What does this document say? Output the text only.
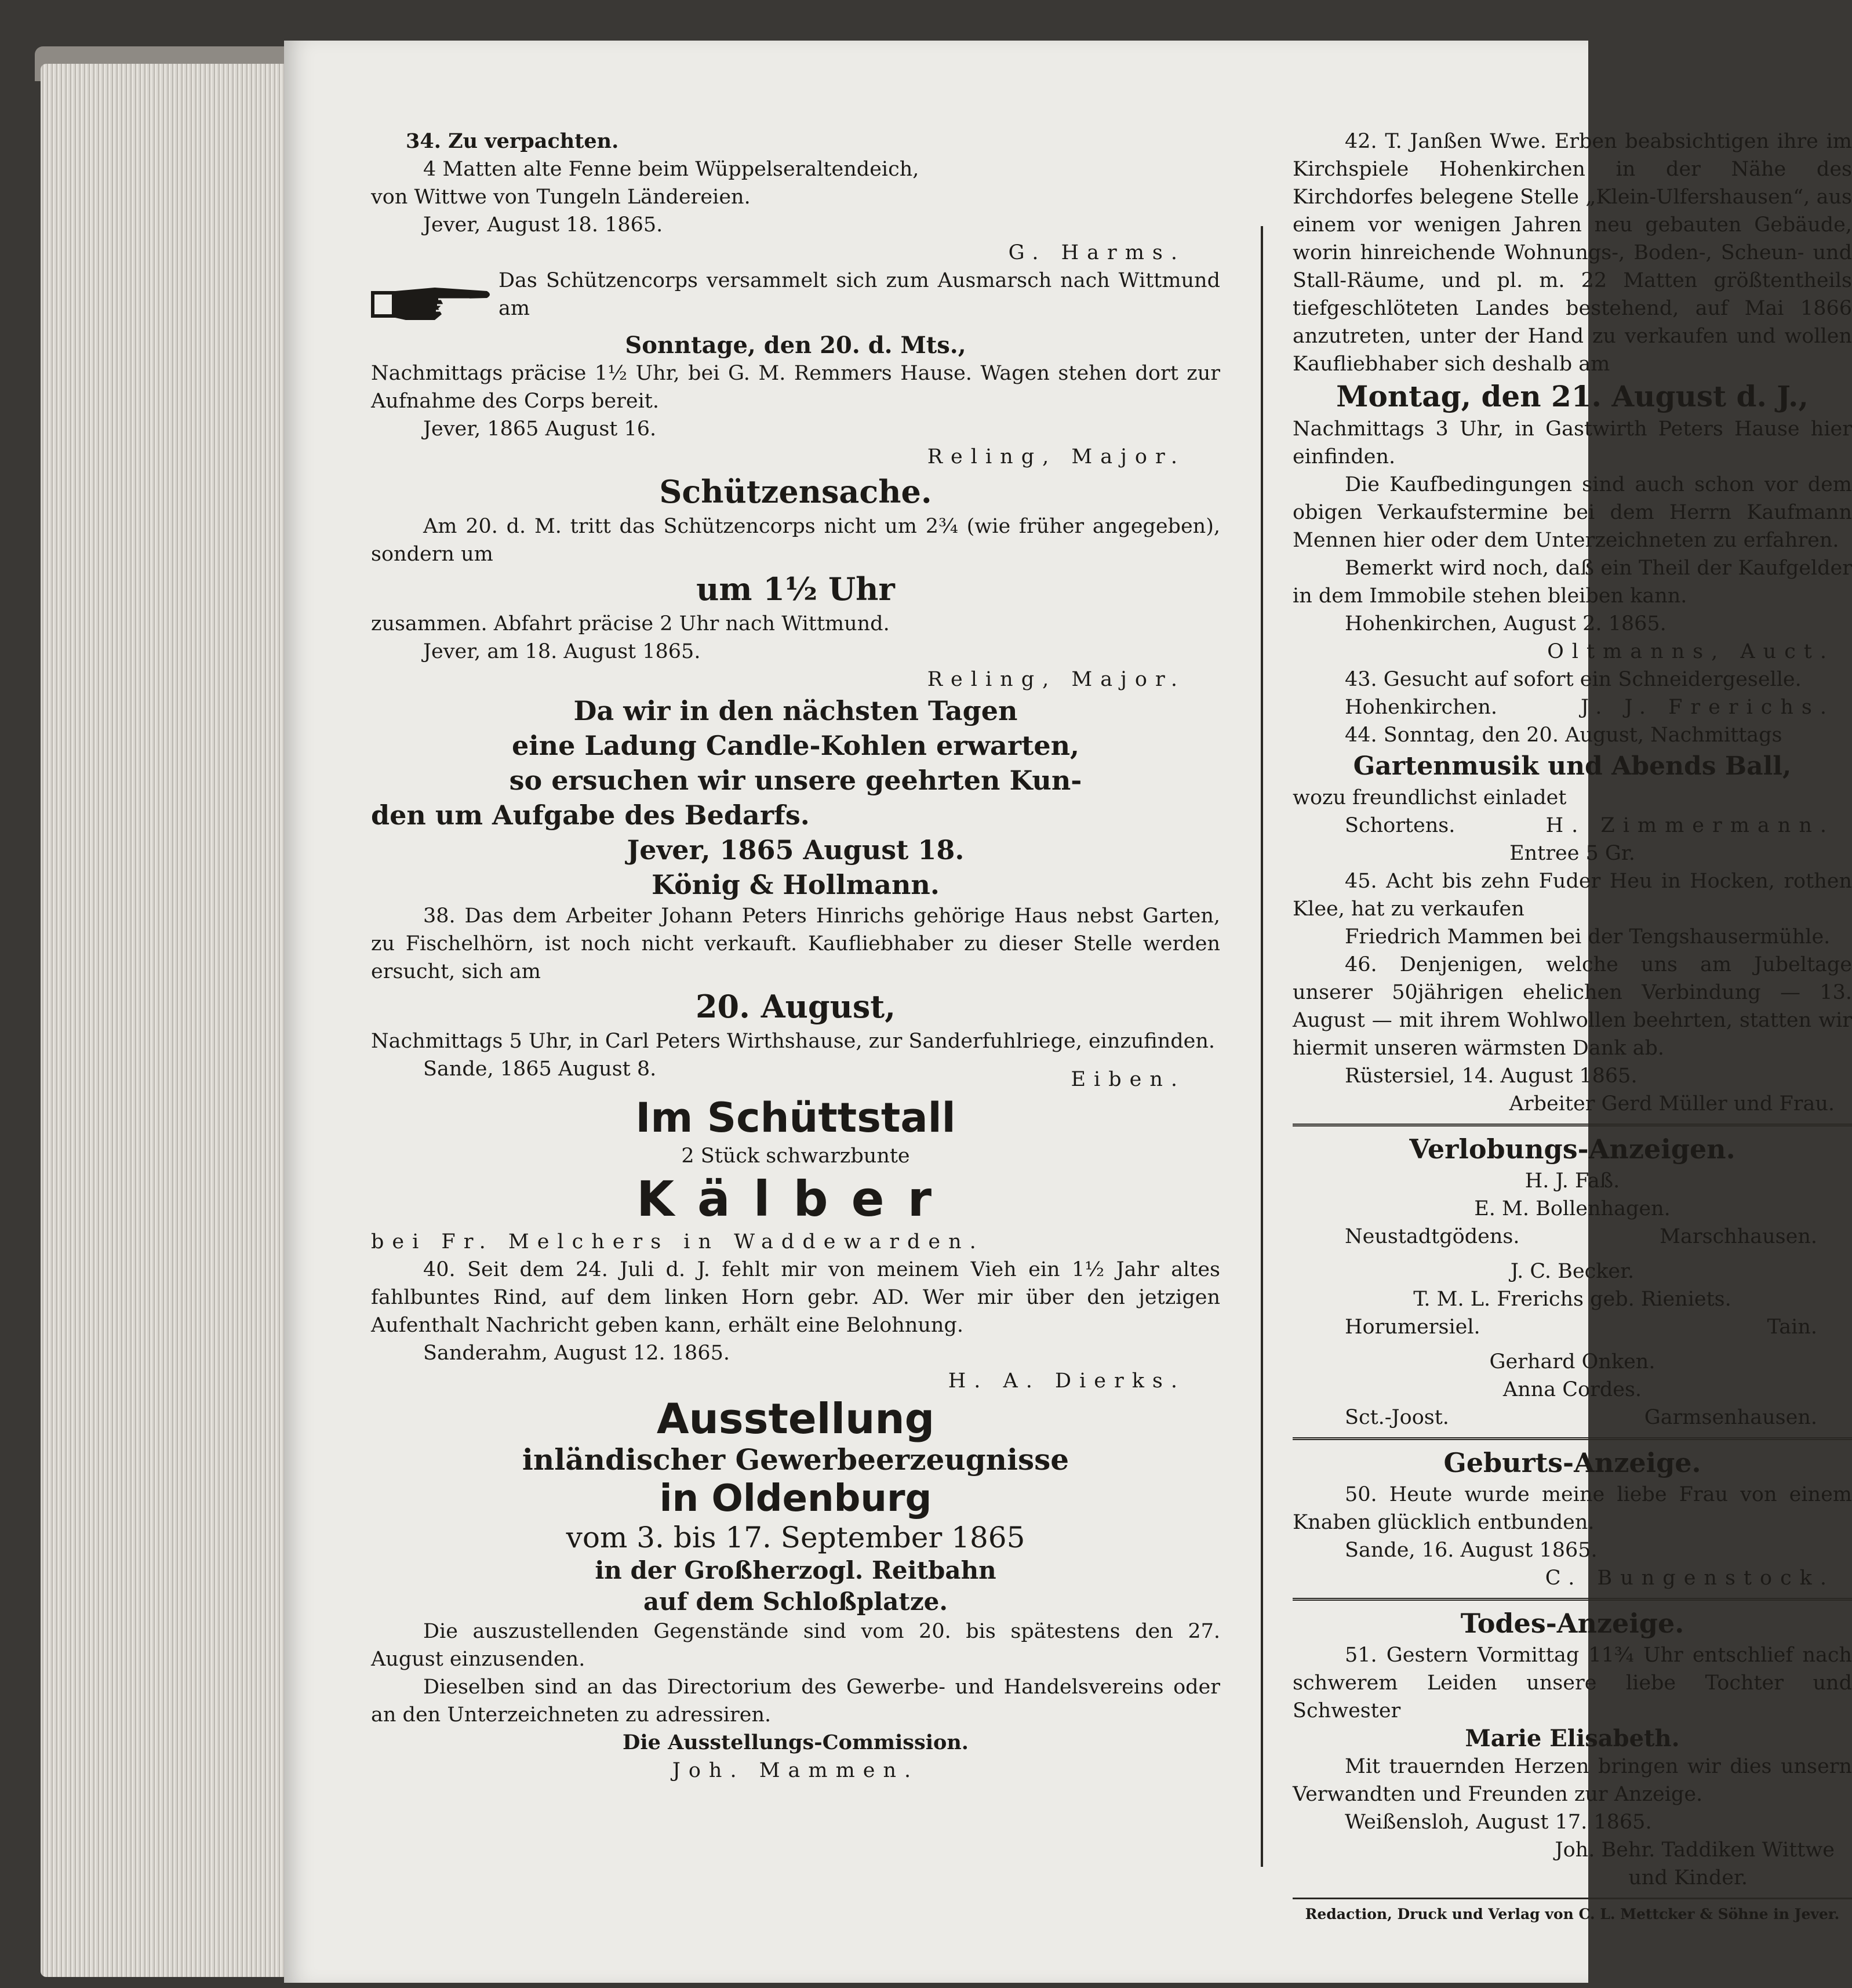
34. Zu verpachten.

4 Matten alte Fenne beim Wüppelseraltendeich,

von Wittwe von Tungeln Ländereien.

Jever, August 18. 1865.

G. Harms.

Das Schützencorps versammelt sich zum Ausmarsch nach Wittmund am

Sonntage, den 20. d. Mts.,

Nachmittags präcise 1½ Uhr, bei G. M. Remmers Hause. Wagen stehen dort zur Aufnahme des Corps bereit.

Jever, 1865 August 16.

Reling, Major.

Schützensache.

Am 20. d. M. tritt das Schützencorps nicht um 2¾ (wie früher angegeben), sondern um

um 1½ Uhr

zusammen. Abfahrt präcise 2 Uhr nach Wittmund.

Jever, am 18. August 1865.

Reling, Major.

Da wir in den nächsten Tagen

eine Ladung Candle-Kohlen erwarten,

so ersuchen wir unsere geehrten Kun-

den um Aufgabe des Bedarfs.

Jever, 1865 August 18.

König & Hollmann.

38. Das dem Arbeiter Johann Peters Hinrichs gehörige Haus nebst Garten, zu Fischelhörn, ist noch nicht verkauft. Kaufliebhaber zu dieser Stelle werden ersucht, sich am

20. August,

Nachmittags 5 Uhr, in Carl Peters Wirthshause, zur Sanderfuhlriege, einzufinden.

Sande, 1865 August 8.	Eiben.

Im Schüttstall

2 Stück schwarzbunte

Kälber

bei Fr. Melchers in Waddewarden.

40. Seit dem 24. Juli d. J. fehlt mir von meinem Vieh ein 1½ Jahr altes fahlbuntes Rind, auf dem linken Horn gebr. AD. Wer mir über den jetzigen Aufenthalt Nachricht geben kann, erhält eine Belohnung.

Sanderahm, August 12. 1865.

H. A. Dierks.

Ausstellung

inländischer Gewerbeerzeugnisse

in Oldenburg

vom 3. bis 17. September 1865

in der Großherzogl. Reitbahn

auf dem Schloßplatze.

Die auszustellenden Gegenstände sind vom 20. bis spätestens den 27. August einzusenden.

Dieselben sind an das Directorium des Gewerbe- und Handelsvereins oder an den Unterzeichneten zu adressiren.

Die Ausstellungs-Commission.

Joh. Mammen.

42. T. Janßen Wwe. Erben beabsichtigen ihre im Kirchspiele Hohenkirchen in der Nähe des Kirchdorfes belegene Stelle „Klein-Ulfershausen“, aus einem vor wenigen Jahren neu gebauten Gebäude, worin hinreichende Wohnungs-, Boden-, Scheun- und Stall-Räume, und pl. m. 22 Matten größtentheils tiefgeschlöteten Landes bestehend, auf Mai 1866 anzutreten, unter der Hand zu verkaufen und wollen Kaufliebhaber sich deshalb am

Montag, den 21. August d. J.,

Nachmittags 3 Uhr, in Gastwirth Peters Hause hier einfinden.

Die Kaufbedingungen sind auch schon vor dem obigen Verkaufstermine bei dem Herrn Kaufmann Mennen hier oder dem Unterzeichneten zu erfahren.

Bemerkt wird noch, daß ein Theil der Kaufgelder in dem Immobile stehen bleiben kann.

Hohenkirchen, August 2. 1865.

Oltmanns, Auct.

43. Gesucht auf sofort ein Schneidergeselle.

Hohenkirchen.	J. J. Frerichs.

44. Sonntag, den 20. August, Nachmittags

Gartenmusik und Abends Ball,

wozu freundlichst einladet

Schortens.	H. Zimmermann.

Entree 5 Gr.

45. Acht bis zehn Fuder Heu in Hocken, rothen Klee, hat zu verkaufen

Friedrich Mammen bei der Tengshausermühle.

46. Denjenigen, welche uns am Jubeltage unserer 50jährigen ehelichen Verbindung — 13. August — mit ihrem Wohlwollen beehrten, statten wir hiermit unseren wärmsten Dank ab.

Rüstersiel, 14. August 1865.

Arbeiter Gerd Müller und Frau.

Verlobungs-Anzeigen.

H. J. Faß.

E. M. Bollenhagen.

Neustadtgödens.	Marschhausen.

J. C. Becker.

T. M. L. Frerichs geb. Rieniets.

Horumersiel.	Tain.

Gerhard Onken.

Anna Cordes.

Sct.-Joost.	Garmsenhausen.

Geburts-Anzeige.

50. Heute wurde meine liebe Frau von einem Knaben glücklich entbunden.

Sande, 16. August 1865.

C. Bungenstock.

Todes-Anzeige.

51. Gestern Vormittag 11¾ Uhr entschlief nach schwerem Leiden unsere liebe Tochter und Schwester

Marie Elisabeth.

Mit trauernden Herzen bringen wir dies unsern Verwandten und Freunden zur Anzeige.

Weißensloh, August 17. 1865.

Joh. Behr. Taddiken Wittwe

und Kinder.

Redaction, Druck und Verlag von C. L. Mettcker & Söhne in Jever.
